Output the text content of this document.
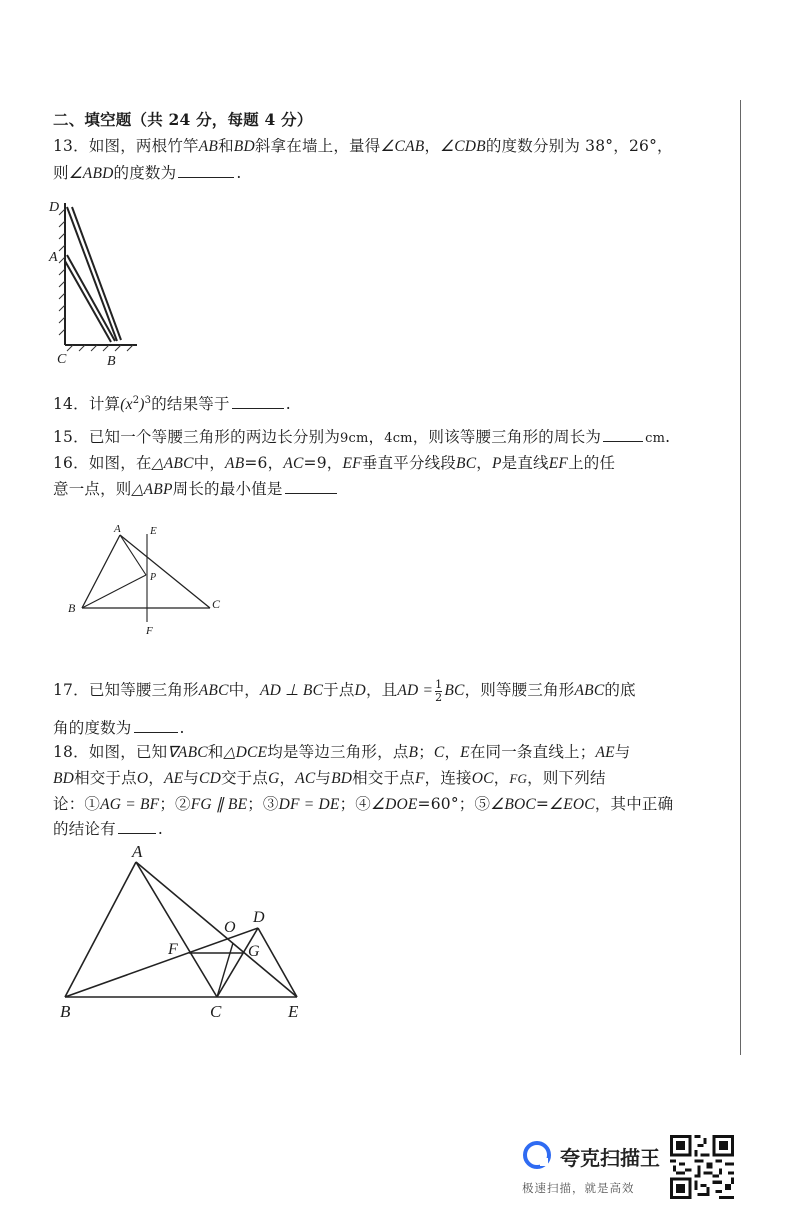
二、填空题（共 24 分，每题 4 分）
13．如图，两根竹竿AB和BD斜拿在墙上，量得∠CAB，∠CDB的度数分别为 38°，26°，
则∠ABD的度数为	.
D
A
C	B
14．计算$(x^2)^3$的结果等于	.
15．已知一个等腰三角形的两边长分别为9cm，4cm，则该等腰三角形的周长为	cm.
16．如图，在△ABC中，AB=6，AC=9，EF垂直平分线段BC，P是直线EF上的任
意一点，则△ABP周长的最小值是
A	E
P
B	C
F
17．已知等腰三角形ABC中，AD ⊥ BC于点D，且AD = $\frac{1}{2}$ BC，则等腰三角形ABC的底
角的度数为	.
18．如图，已知∇ABC和△DCE均是等边三角形，点B；C，E在同一条直线上；AE与
BD相交于点O，AE与CD交于点G，AC与BD相交于点F，连接OC，FG，则下列结
论：①AG = BF；②FG ∥ BE；③DF = DE；④∠DOE=60°；⑤∠BOC=∠EOC，其中正确
的结论有	.
A
O
D
F	G
B	C	E
夸克扫描王
极速扫描，就是高效
